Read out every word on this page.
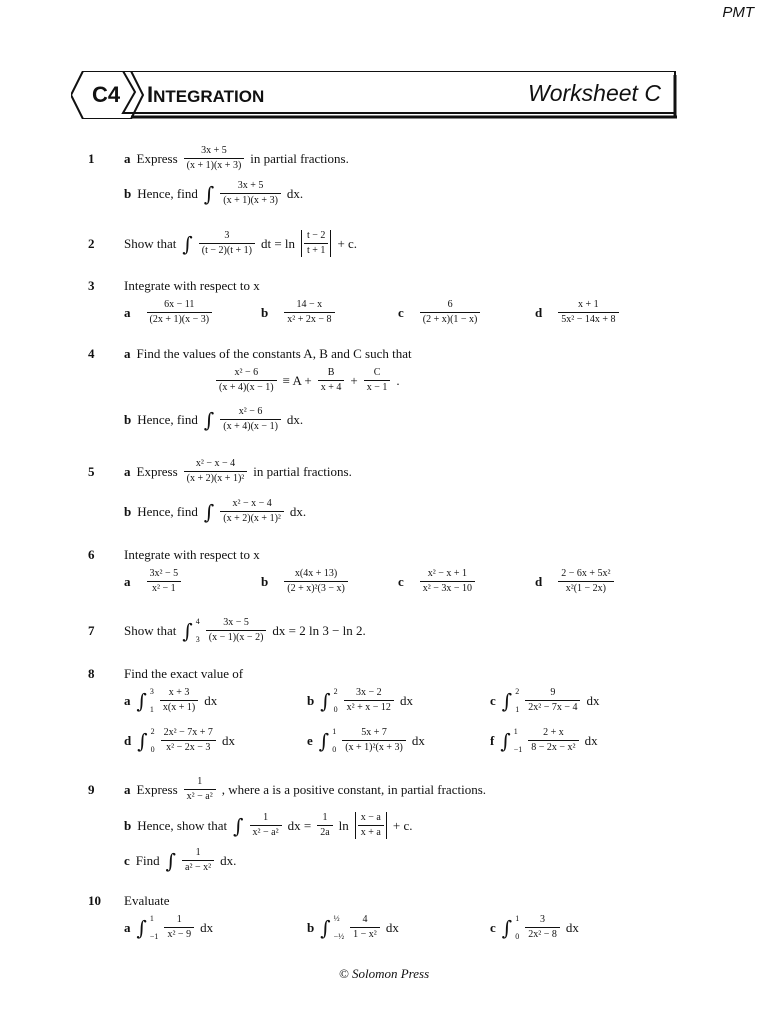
PMT
C4 INTEGRATION	Worksheet C
1	a Express $\frac{3x + 5}{(x + 1)(x + 3)}$ in partial fractions.
b Hence, find ∫ $\frac{3x + 5}{(x + 1)(x + 3)}$ dx.
2	Show that ∫ $\frac{3}{(t - 2)(t + 1)}$ dt = $\ln \frac{t - 2}{t + 1} + c$.
3	Integrate with respect to x
a $\frac{6x - 11}{(2x + 1)(x - 3)}$	b $\frac{14 - x}{\text{x² + 2x − 8}}$	c $\frac{6}{(2 + x)(1 - x)}$	d $\frac{x + 1}{\text{5x² − 14x + 8}}$
4	a Find the values of the constants A, B and C such that
$\frac{\text{x² − 6}}{(x + 4)(x - 1)} \equiv A + \frac{B}{x + 4} + \frac{C}{x - 1}$ .
b Hence, find ∫ $\frac{\text{x² − 6}}{(x + 4)(x - 1)}$ dx.
5	a Express $\frac{\text{x² − x − 4}}{\text{(x + 2)(x + 1)²}}$ in partial fractions.
b Hence, find ∫ $\frac{\text{x² − x − 4}}{\text{(x + 2)(x + 1)²}}$ dx.
6	Integrate with respect to x
a $\frac{\text{3x² − 5}}{\text{x² − 1}}$	b $\frac{x(4x + 13)}{\text{(2 + x)²(3 − x)}}$	c $\frac{\text{x² − x + 1}}{\text{x² − 3x − 10}}$	d $\frac{\text{2 − 6x + 5x²}}{\text{x²(1 − 2x)}}$
7	Show that ∫ 4
$3 \frac{3x - 5}{(x - 1)(x - 2)}$ dx = 2 ln 3 − ln 2.
8	Find the exact value of
a ∫ 3
$1 \frac{x + 3}{x(x + 1)}$ dx	b ∫ 2
$0 \frac{3x - 2}{\text{x² + x − 12}}$ dx	c ∫ 2
$1 \frac{9}{\text{2x² − 7x − 4}}$ dx
d ∫ 2
$0 \frac{\text{2x² − 7x + 7}}{\text{x² − 2x − 3}}$ dx	e ∫ 1
$0 \frac{5x + 7}{\text{(x + 1)²(x + 3)}}$ dx	f ∫ 1
$-1 \frac{2 + x}{\text{8 − 2x − x²}}$ dx
9	a Express $\frac{1}{\text{x² − a²}}$ , where a is a positive constant, in partial fractions.
b Hence, show that ∫ $\frac{1}{\text{x² − a²}}$ dx = $\frac{1}{2a}$ $\ln \frac{x - a}{x + a} + c$.
c Find ∫ $\frac{1}{\text{a² − x²}}$ dx.
10	Evaluate
a ∫ 1
$-1 \frac{1}{\text{x² − 9}}$ dx	b ∫ ½
−½ $\frac{4}{\text{1 − x²}}$ dx	c ∫ 1
$0 \frac{3}{\text{2x² − 8}}$ dx
© Solomon Press
